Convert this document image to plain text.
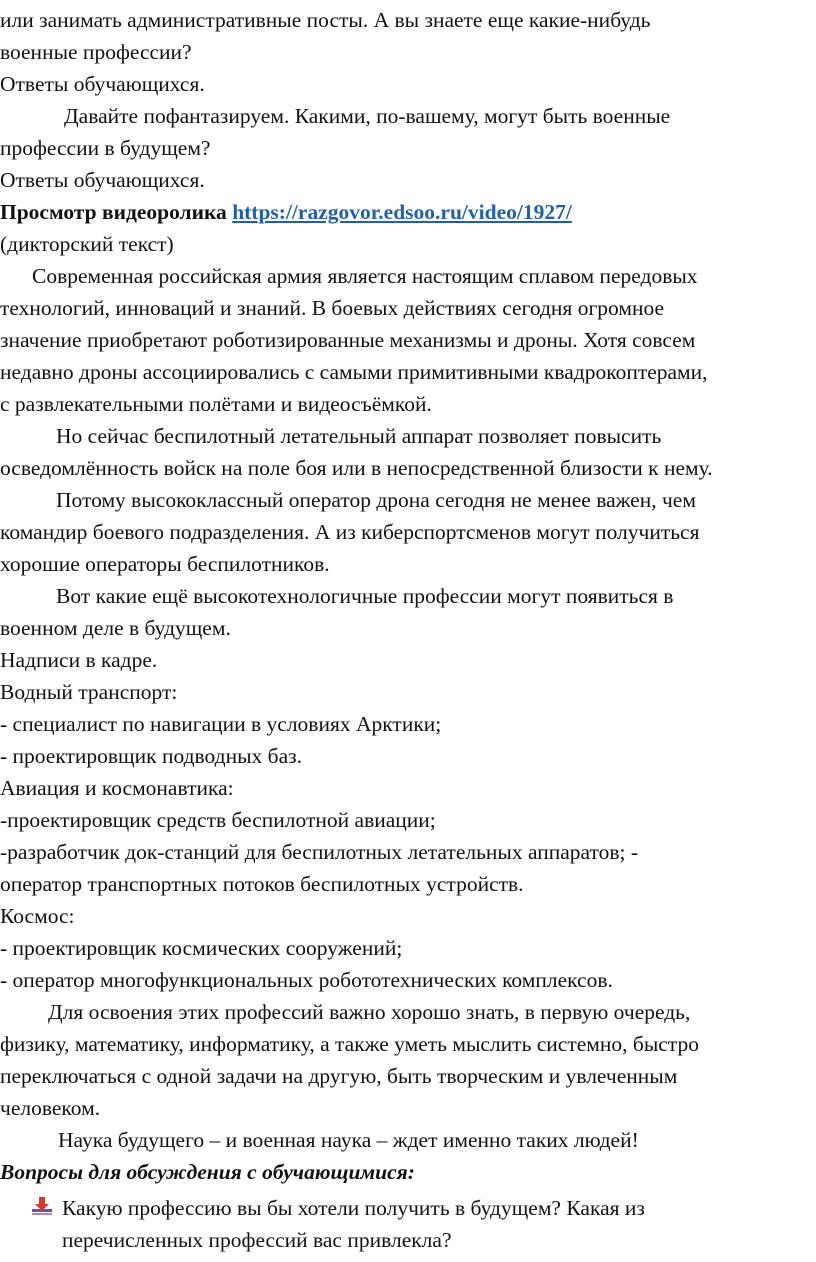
или занимать административные посты. А вы знаете еще какие-нибудь
военные профессии?
Ответы обучающихся.
Давайте пофантазируем. Какими, по-вашему, могут быть военные
профессии в будущем?
Ответы обучающихся.
Просмотр видеоролика https://razgovor.edsoo.ru/video/1927/
(дикторский текст)
Современная российская армия является настоящим сплавом передовых
технологий, инноваций и знаний. В боевых действиях сегодня огромное
значение приобретают роботизированные механизмы и дроны. Хотя совсем
недавно дроны ассоциировались с самыми примитивными квадрокоптерами,
с развлекательными полётами и видеосъёмкой.
Но сейчас беспилотный летательный аппарат позволяет повысить
осведомлённость войск на поле боя или в непосредственной близости к нему.
Потому высококлассный оператор дрона сегодня не менее важен, чем
командир боевого подразделения. А из киберспортсменов могут получиться
хорошие операторы беспилотников.
Вот какие ещё высокотехнологичные профессии могут появиться в
военном деле в будущем.
Надписи в кадре.
Водный транспорт:
- специалист по навигации в условиях Арктики;
- проектировщик подводных баз.
Авиация и космонавтика:
-проектировщик средств беспилотной авиации;
-разработчик док-станций для беспилотных летательных аппаратов; -
оператор транспортных потоков беспилотных устройств.
Космос:
- проектировщик космических сооружений;
- оператор многофункциональных робототехнических комплексов.
Для освоения этих профессий важно хорошо знать, в первую очередь,
физику, математику, информатику, а также уметь мыслить системно, быстро
переключаться с одной задачи на другую, быть творческим и увлеченным
человеком.
Наука будущего – и военная наука – ждет именно таких людей!
Вопросы для обсуждения с обучающимися:
Какую профессию вы бы хотели получить в будущем? Какая из
перечисленных профессий вас привлекла?
